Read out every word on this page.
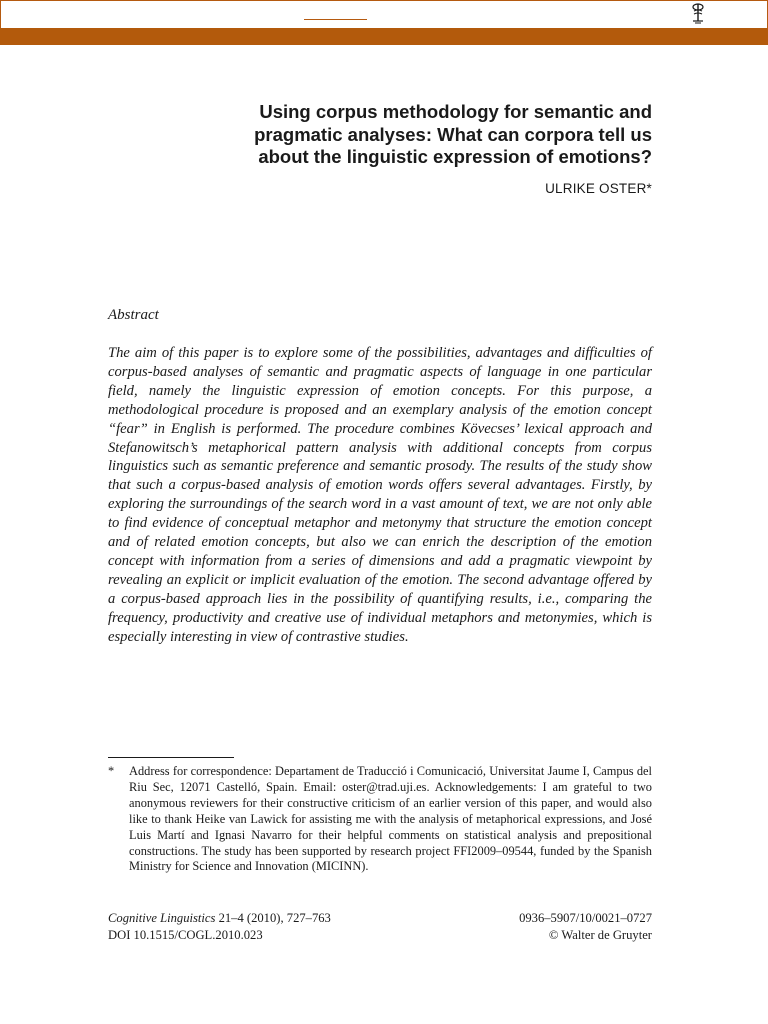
Using corpus methodology for semantic and
pragmatic analyses: What can corpora tell us
about the linguistic expression of emotions?
ULRIKE OSTER*
Abstract

The aim of this paper is to explore some of the possibilities, advantages and difficulties of corpus-based analyses of semantic and pragmatic aspects of language in one particular field, namely the linguistic expression of emotion concepts. For this purpose, a methodological procedure is proposed and an exemplary analysis of the emotion concept “fear” in English is performed. The procedure combines Kövecses’ lexical approach and Stefanowitsch’s metaphorical pattern analysis with additional concepts from corpus linguistics such as semantic preference and semantic prosody. The results of the study show that such a corpus-based analysis of emotion words offers several advantages. Firstly, by exploring the surroundings of the search word in a vast amount of text, we are not only able to find evidence of conceptual metaphor and metonymy that structure the emotion concept and of related emotion concepts, but also we can enrich the description of the emotion concept with information from a series of dimensions and add a pragmatic viewpoint by revealing an explicit or implicit evaluation of the emotion. The second advantage offered by a corpus-based approach lies in the possibility of quantifying results, i.e., comparing the frequency, productivity and creative use of individual metaphors and metonymies, which is especially interesting in view of contrastive studies.

*	Address for correspondence: Departament de Traducció i Comunicació, Universitat Jaume I, Campus del Riu Sec, 12071 Castelló, Spain. Email: oster@trad.uji.es. Acknowledgements: I am grateful to two anonymous reviewers for their constructive criticism of an earlier version of this paper, and would also like to thank Heike van Lawick for assisting me with the analysis of metaphorical expressions, and José Luis Martí and Ignasi Navarro for their helpful comments on statistical analysis and prepositional constructions. The study has been supported by research project FFI2009–09544, funded by the Spanish Ministry for Science and Innovation (MICINN).
Cognitive Linguistics 21–4 (2010), 727–763	0936–5907/10/0021–0727
DOI 10.1515/COGL.2010.023	© Walter de Gruyter
